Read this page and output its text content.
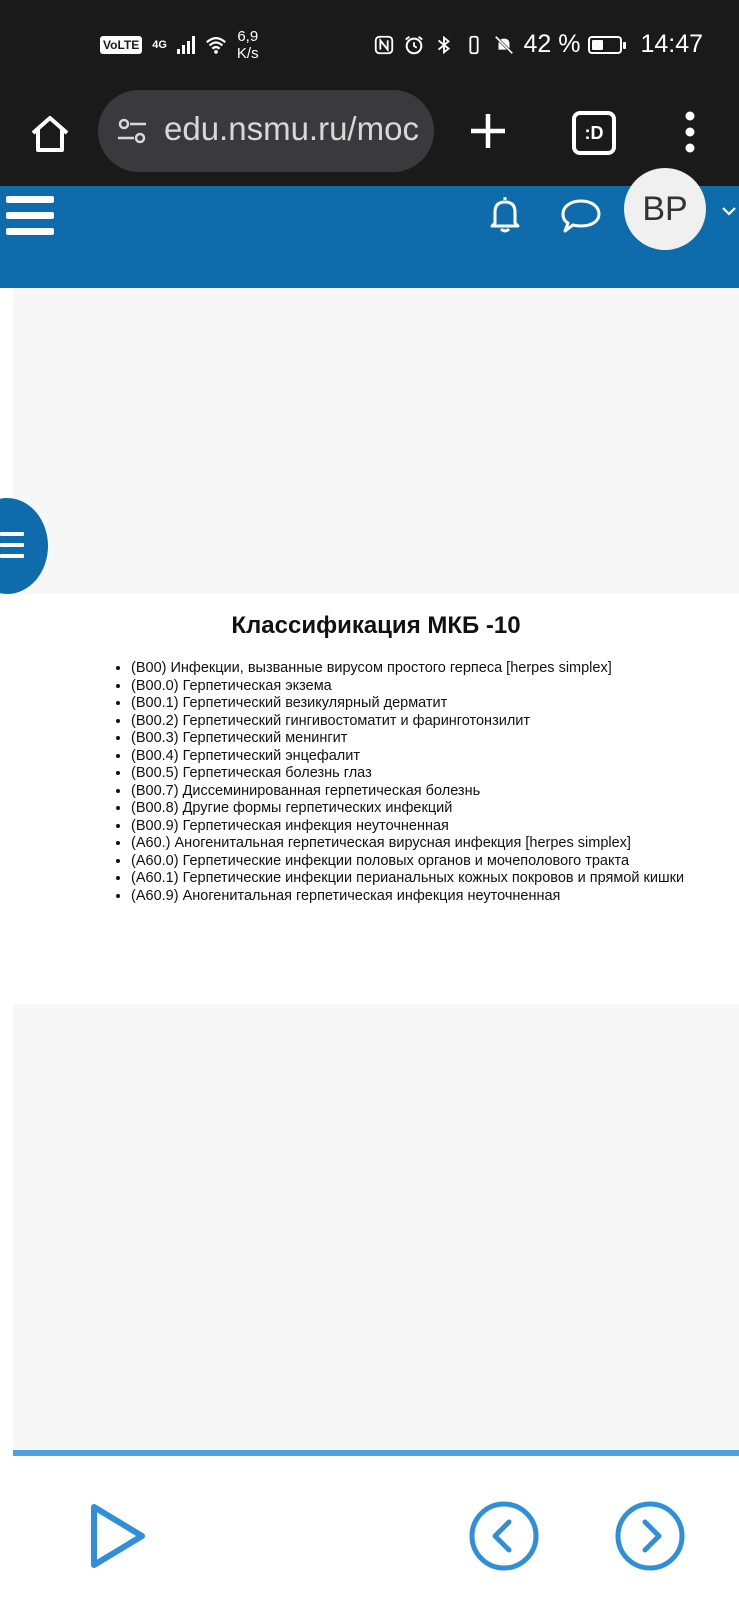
VoLTE 4G	6,9
K/s	42 % 14:47
edu.nsmu.ru/moc	:D
ВР
Классификация МКБ -10
• (В00) Инфекции, вызванные вирусом простого герпеса [herpes simplex]
• (В00.0) Герпетическая экзема
• (В00.1) Герпетический везикулярный дерматит
• (В00.2) Герпетический гингивостоматит и фаринготонзилит
• (В00.3) Герпетический менингит
• (В00.4) Герпетический энцефалит
• (В00.5) Герпетическая болезнь глаз
• (В00.7) Диссеминированная герпетическая болезнь
• (В00.8) Другие формы герпетических инфекций
• (В00.9) Герпетическая инфекция неуточненная
• (А60.) Аногенитальная герпетическая вирусная инфекция [herpes simplex]
• (А60.0) Герпетические инфекции половых органов и мочеполового тракта
• (А60.1) Герпетические инфекции перианальных кожных покровов и прямой кишки
• (А60.9) Аногенитальная герпетическая инфекция неуточненная
